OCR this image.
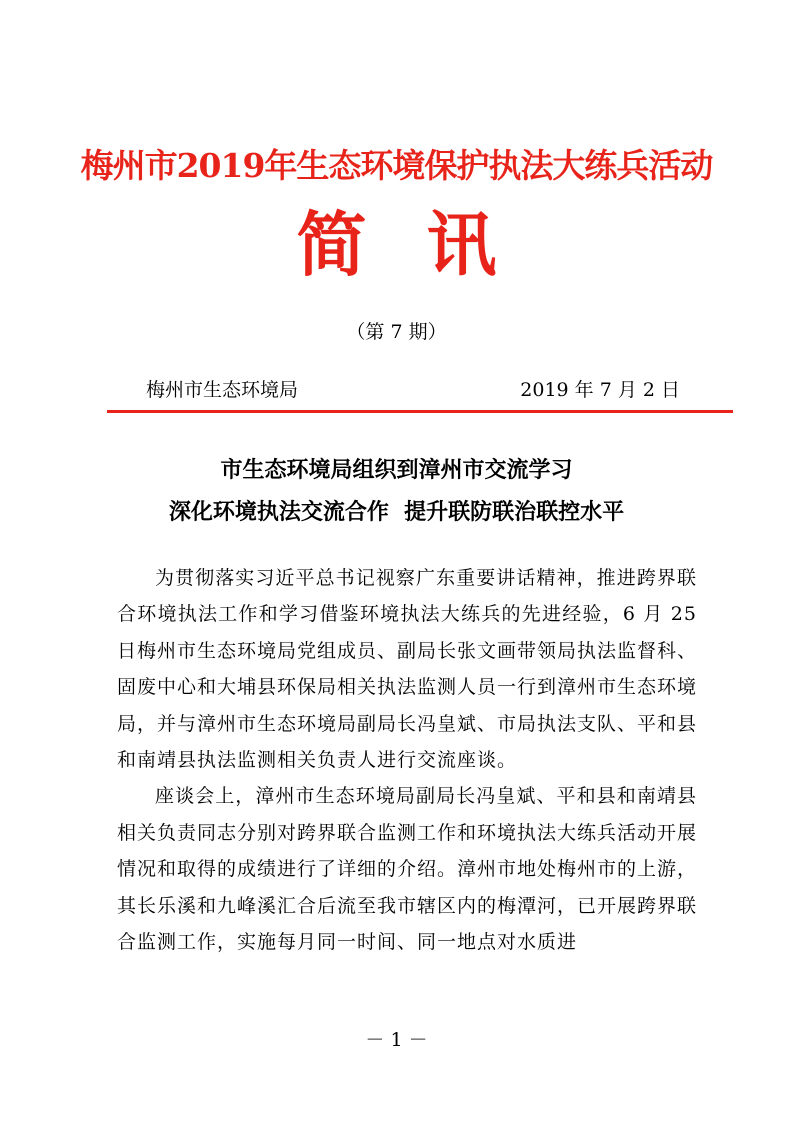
梅州市2019年生态环境保护执法大练兵活动
简讯
（第 7 期）
梅州市生态环境局	2019 年 7 月 2 日
市生态环境局组织到漳州市交流学习
深化环境执法交流合作  提升联防联治联控水平

为贯彻落实习近平总书记视察广东重要讲话精神，推进跨界联合环境执法工作和学习借鉴环境执法大练兵的先进经验，6 月 25 日梅州市生态环境局党组成员、副局长张文画带领局执法监督科、固废中心和大埔县环保局相关执法监测人员一行到漳州市生态环境局，并与漳州市生态环境局副局长冯皇斌、市局执法支队、平和县和南靖县执法监测相关负责人进行交流座谈。

座谈会上，漳州市生态环境局副局长冯皇斌、平和县和南靖县相关负责同志分别对跨界联合监测工作和环境执法大练兵活动开展情况和取得的成绩进行了详细的介绍。漳州市地处梅州市的上游，其长乐溪和九峰溪汇合后流至我市辖区内的梅潭河，已开展跨界联合监测工作，实施每月同一时间、同一地点对水质进

－ 1 －
